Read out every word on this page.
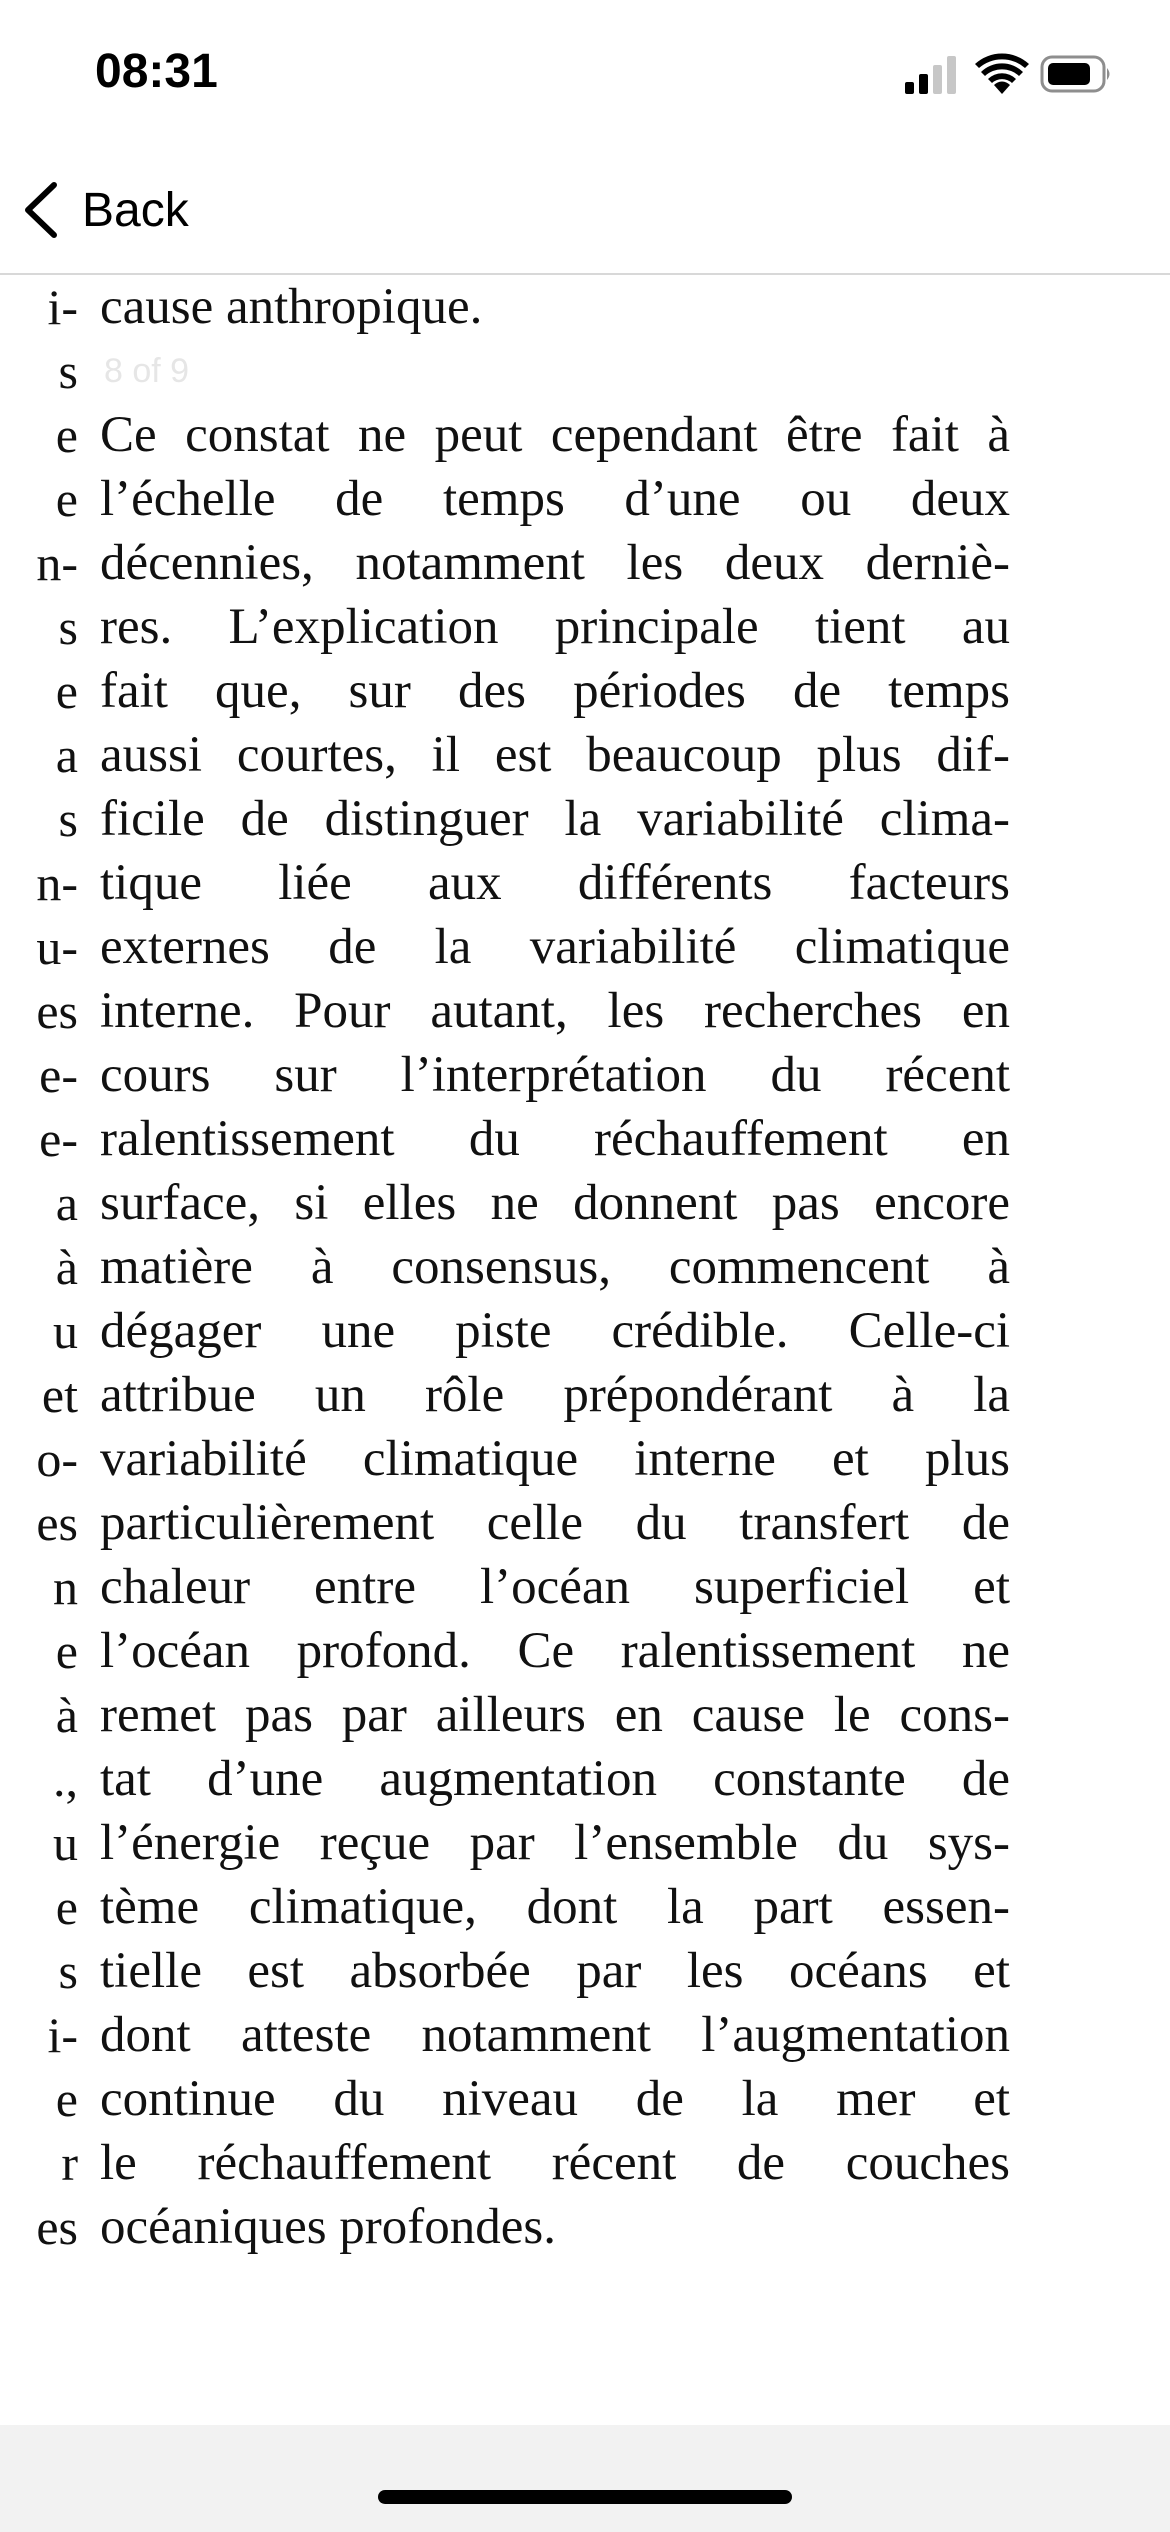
08:31
Back
i-
s
e
e
n-
s
e
a
s
n-
u-
es
e-
e-
a
à
u
et
o-
es
n
e
à
.,
u
e
s
i-
e
r
es
cause anthropique.
8 of 9
Ce constat ne peut cependant être fait à
l’échelle de temps d’une ou deux
décennies, notamment les deux derniè-
res. L’explication principale tient au
fait que, sur des périodes de temps
aussi courtes, il est beaucoup plus dif-
ficile de distinguer la variabilité clima-
tique liée aux différents facteurs
externes de la variabilité climatique
interne. Pour autant, les recherches en
cours sur l’interprétation du récent
ralentissement du réchauffement en
surface, si elles ne donnent pas encore
matière à consensus, commencent à
dégager une piste crédible. Celle-ci
attribue un rôle prépondérant à la
variabilité climatique interne et plus
particulièrement celle du transfert de
chaleur entre l’océan superficiel et
l’océan profond. Ce ralentissement ne
remet pas par ailleurs en cause le cons-
tat d’une augmentation constante de
l’énergie reçue par l’ensemble du sys-
tème climatique, dont la part essen-
tielle est absorbée par les océans et
dont atteste notamment l’augmentation
continue du niveau de la mer et
le réchauffement récent de couches
océaniques profondes.
